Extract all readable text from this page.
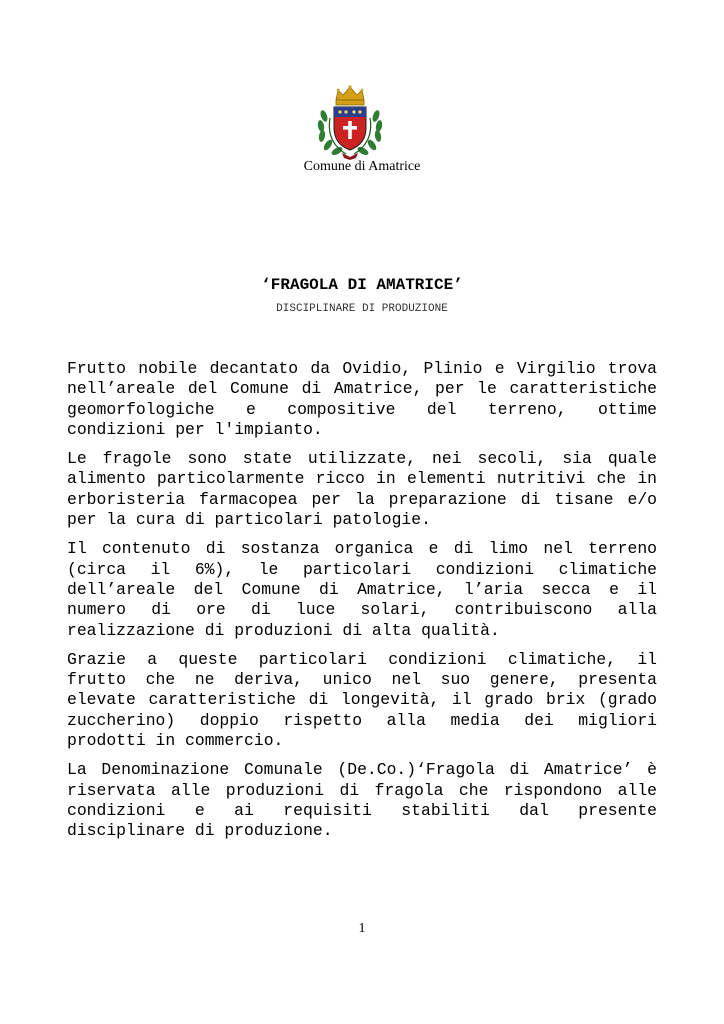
Comune di Amatrice
‘FRAGOLA DI AMATRICE’
DISCIPLINARE DI PRODUZIONE

Frutto nobile decantato da Ovidio, Plinio e Virgilio trova nell’areale del Comune di Amatrice, per le caratteristiche geomorfologiche e compositive del terreno, ottime condizioni per l'impianto.

Le fragole sono state utilizzate, nei secoli, sia quale alimento particolarmente ricco in elementi nutritivi che in erboristeria farmacopea per la preparazione di tisane e/o per la cura di particolari patologie.

Il contenuto di sostanza organica e di limo nel terreno (circa il 6%), le particolari condizioni climatiche dell’areale del Comune di Amatrice, l’aria secca e il numero di ore di luce solari, contribuiscono alla realizzazione di produzioni di alta qualità.

Grazie a queste particolari condizioni climatiche, il frutto che ne deriva, unico nel suo genere, presenta elevate caratteristiche di longevità, il grado brix (grado zuccherino) doppio rispetto alla media dei migliori prodotti in commercio.

La Denominazione Comunale (De.Co.)‘Fragola di Amatrice’ è riservata alle produzioni di fragola che rispondono alle condizioni e ai requisiti stabiliti dal presente disciplinare di produzione.

1
